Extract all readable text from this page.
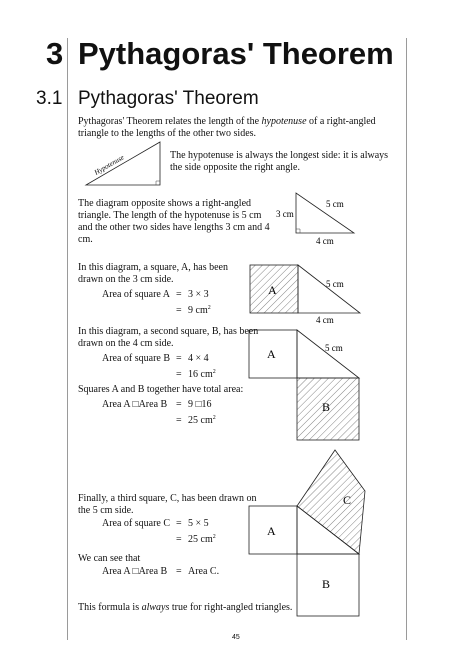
3 Pythagoras' Theorem
3.1 Pythagoras' Theorem
Pythagoras' Theorem relates the length of the hypotenuse of a right-angled triangle to the lengths of the other two sides.
Hypotenuse	The hypotenuse is always the longest side: it is always the side opposite the right angle.
The diagram opposite shows a right-angled triangle. The length of the hypotenuse is 5 cm and the other two sides have lengths 3 cm and 4 cm.
3 cm
5 cm
4 cm
In this diagram, a square, A, has been drawn on the 3 cm side.
Area of square A = 3 × 3
= 9 $cm^2$
A	5 cm
4 cm
In this diagram, a second square, B, has been drawn on the 4 cm side.
Area of square B = 4 × 4
= 16 $cm^2$
Squares A and B together have total area:
Area A □Area B = 9 □16
= 25 $cm^2$
A
B
5 cm
Finally, a third square, C, has been drawn on the 5 cm side.
Area of square C = 5 × 5
= 25 $cm^2$
We can see that
Area A □Area B = Area C.
This formula is always true for right-angled triangles.
A
B
C
45
